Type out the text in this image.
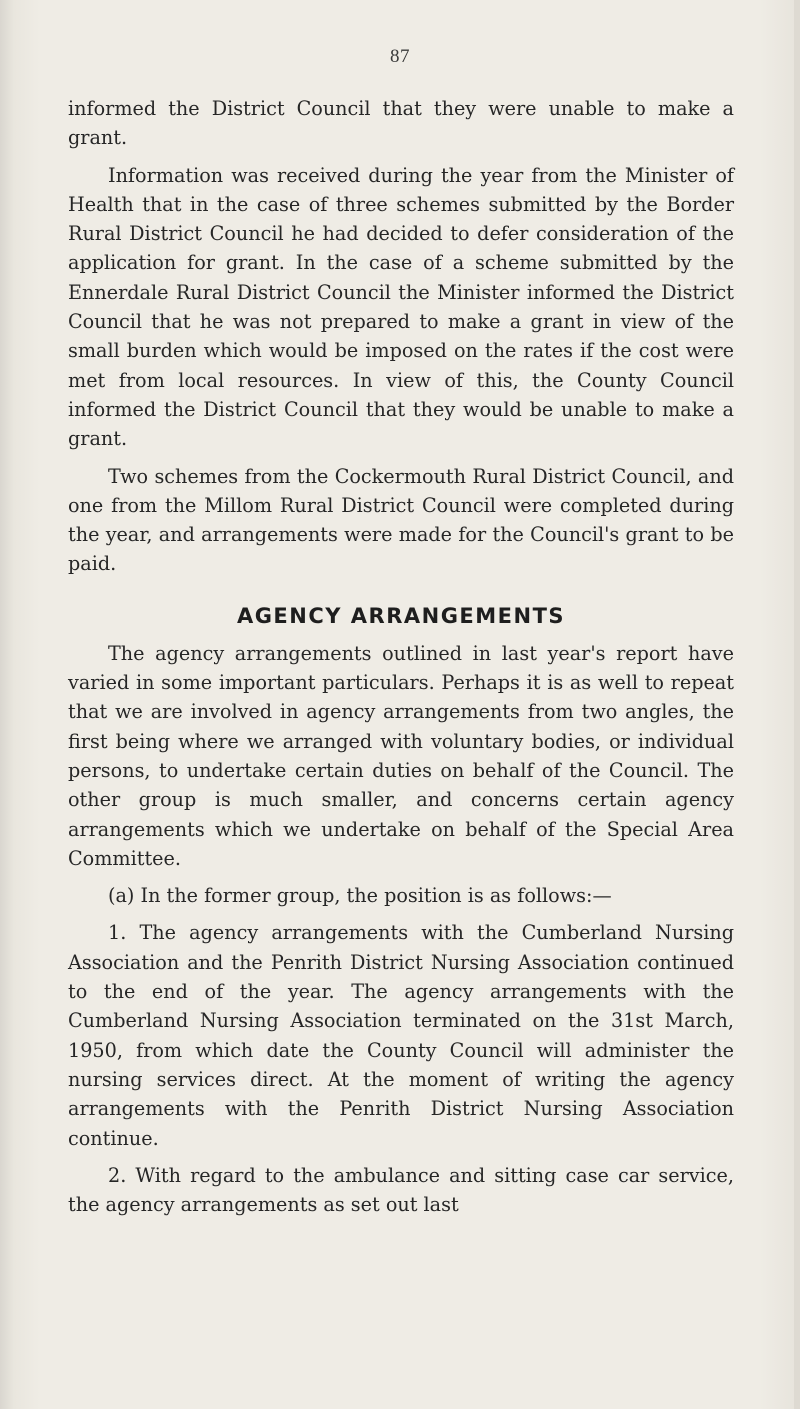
87

informed the District Council that they were unable to make a grant.

Information was received during the year from the Minister of Health that in the case of three schemes submitted by the Border Rural District Council he had decided to defer consideration of the application for grant. In the case of a scheme submitted by the Ennerdale Rural District Council the Minister informed the District Council that he was not prepared to make a grant in view of the small burden which would be imposed on the rates if the cost were met from local resources. In view of this, the County Council informed the District Council that they would be unable to make a grant.

Two schemes from the Cockermouth Rural District Council, and one from the Millom Rural District Council were completed during the year, and arrangements were made for the Council's grant to be paid.

AGENCY ARRANGEMENTS

The agency arrangements outlined in last year's report have varied in some important particulars. Perhaps it is as well to repeat that we are involved in agency arrangements from two angles, the first being where we arranged with voluntary bodies, or individual persons, to undertake certain duties on behalf of the Council. The other group is much smaller, and concerns certain agency arrangements which we undertake on behalf of the Special Area Committee.

(a) In the former group, the position is as follows:—

1. The agency arrangements with the Cumberland Nursing Association and the Penrith District Nursing Association continued to the end of the year. The agency arrangements with the Cumberland Nursing Association terminated on the 31st March, 1950, from which date the County Council will administer the nursing services direct. At the moment of writing the agency arrangements with the Penrith District Nursing Association continue.

2. With regard to the ambulance and sitting case car service, the agency arrangements as set out last
